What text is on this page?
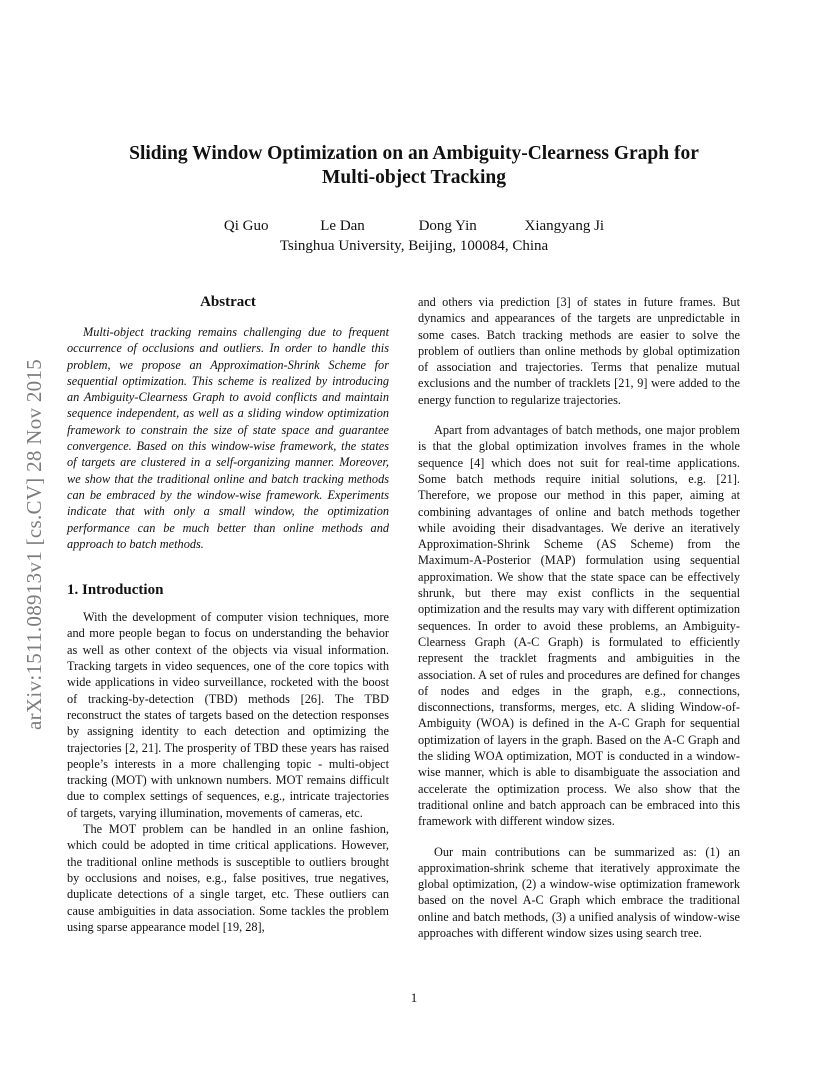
arXiv:1511.08913v1 [cs.CV] 28 Nov 2015
Sliding Window Optimization on an Ambiguity-Clearness Graph for
Multi-object Tracking
Qi Guo	Le Dan	Dong Yin	Xiangyang Ji
Tsinghua University, Beijing, 100084, China
Abstract

Multi-object tracking remains challenging due to frequent occurrence of occlusions and outliers. In order to handle this problem, we propose an Approximation-Shrink Scheme for sequential optimization. This scheme is realized by introducing an Ambiguity-Clearness Graph to avoid conflicts and maintain sequence independent, as well as a sliding window optimization framework to constrain the size of state space and guarantee convergence. Based on this window-wise framework, the states of targets are clustered in a self-organizing manner. Moreover, we show that the traditional online and batch tracking methods can be embraced by the window-wise framework. Experiments indicate that with only a small window, the optimization performance can be much better than online methods and approach to batch methods.

1. Introduction

With the development of computer vision techniques, more and more people began to focus on understanding the behavior as well as other context of the objects via visual information. Tracking targets in video sequences, one of the core topics with wide applications in video surveillance, rocketed with the boost of tracking-by-detection (TBD) methods [26]. The TBD reconstruct the states of targets based on the detection responses by assigning identity to each detection and optimizing the trajectories [2, 21]. The prosperity of TBD these years has raised people’s interests in a more challenging topic - multi-object tracking (MOT) with unknown numbers. MOT remains difficult due to complex settings of sequences, e.g., intricate trajectories of targets, varying illumination, movements of cameras, etc.

The MOT problem can be handled in an online fashion, which could be adopted in time critical applications. However, the traditional online methods is susceptible to outliers brought by occlusions and noises, e.g., false positives, true negatives, duplicate detections of a single target, etc. These outliers can cause ambiguities in data association. Some tackles the problem using sparse appearance model [19, 28],

and others via prediction [3] of states in future frames. But dynamics and appearances of the targets are unpredictable in some cases. Batch tracking methods are easier to solve the problem of outliers than online methods by global optimization of association and trajectories. Terms that penalize mutual exclusions and the number of tracklets [21, 9] were added to the energy function to regularize trajectories.

Apart from advantages of batch methods, one major problem is that the global optimization involves frames in the whole sequence [4] which does not suit for real-time applications. Some batch methods require initial solutions, e.g. [21]. Therefore, we propose our method in this paper, aiming at combining advantages of online and batch methods together while avoiding their disadvantages. We derive an iteratively Approximation-Shrink Scheme (AS Scheme) from the Maximum-A-Posterior (MAP) formulation using sequential approximation. We show that the state space can be effectively shrunk, but there may exist conflicts in the sequential optimization and the results may vary with different optimization sequences. In order to avoid these problems, an Ambiguity-Clearness Graph (A-C Graph) is formulated to efficiently represent the tracklet fragments and ambiguities in the association. A set of rules and procedures are defined for changes of nodes and edges in the graph, e.g., connections, disconnections, transforms, merges, etc. A sliding Window-of-Ambiguity (WOA) is defined in the A-C Graph for sequential optimization of layers in the graph. Based on the A-C Graph and the sliding WOA optimization, MOT is conducted in a window-wise manner, which is able to disambiguate the association and accelerate the optimization process. We also show that the traditional online and batch approach can be embraced into this framework with different window sizes.

Our main contributions can be summarized as: (1) an approximation-shrink scheme that iteratively approximate the global optimization, (2) a window-wise optimization framework based on the novel A-C Graph which embrace the traditional online and batch methods, (3) a unified analysis of window-wise approaches with different window sizes using search tree.

1
